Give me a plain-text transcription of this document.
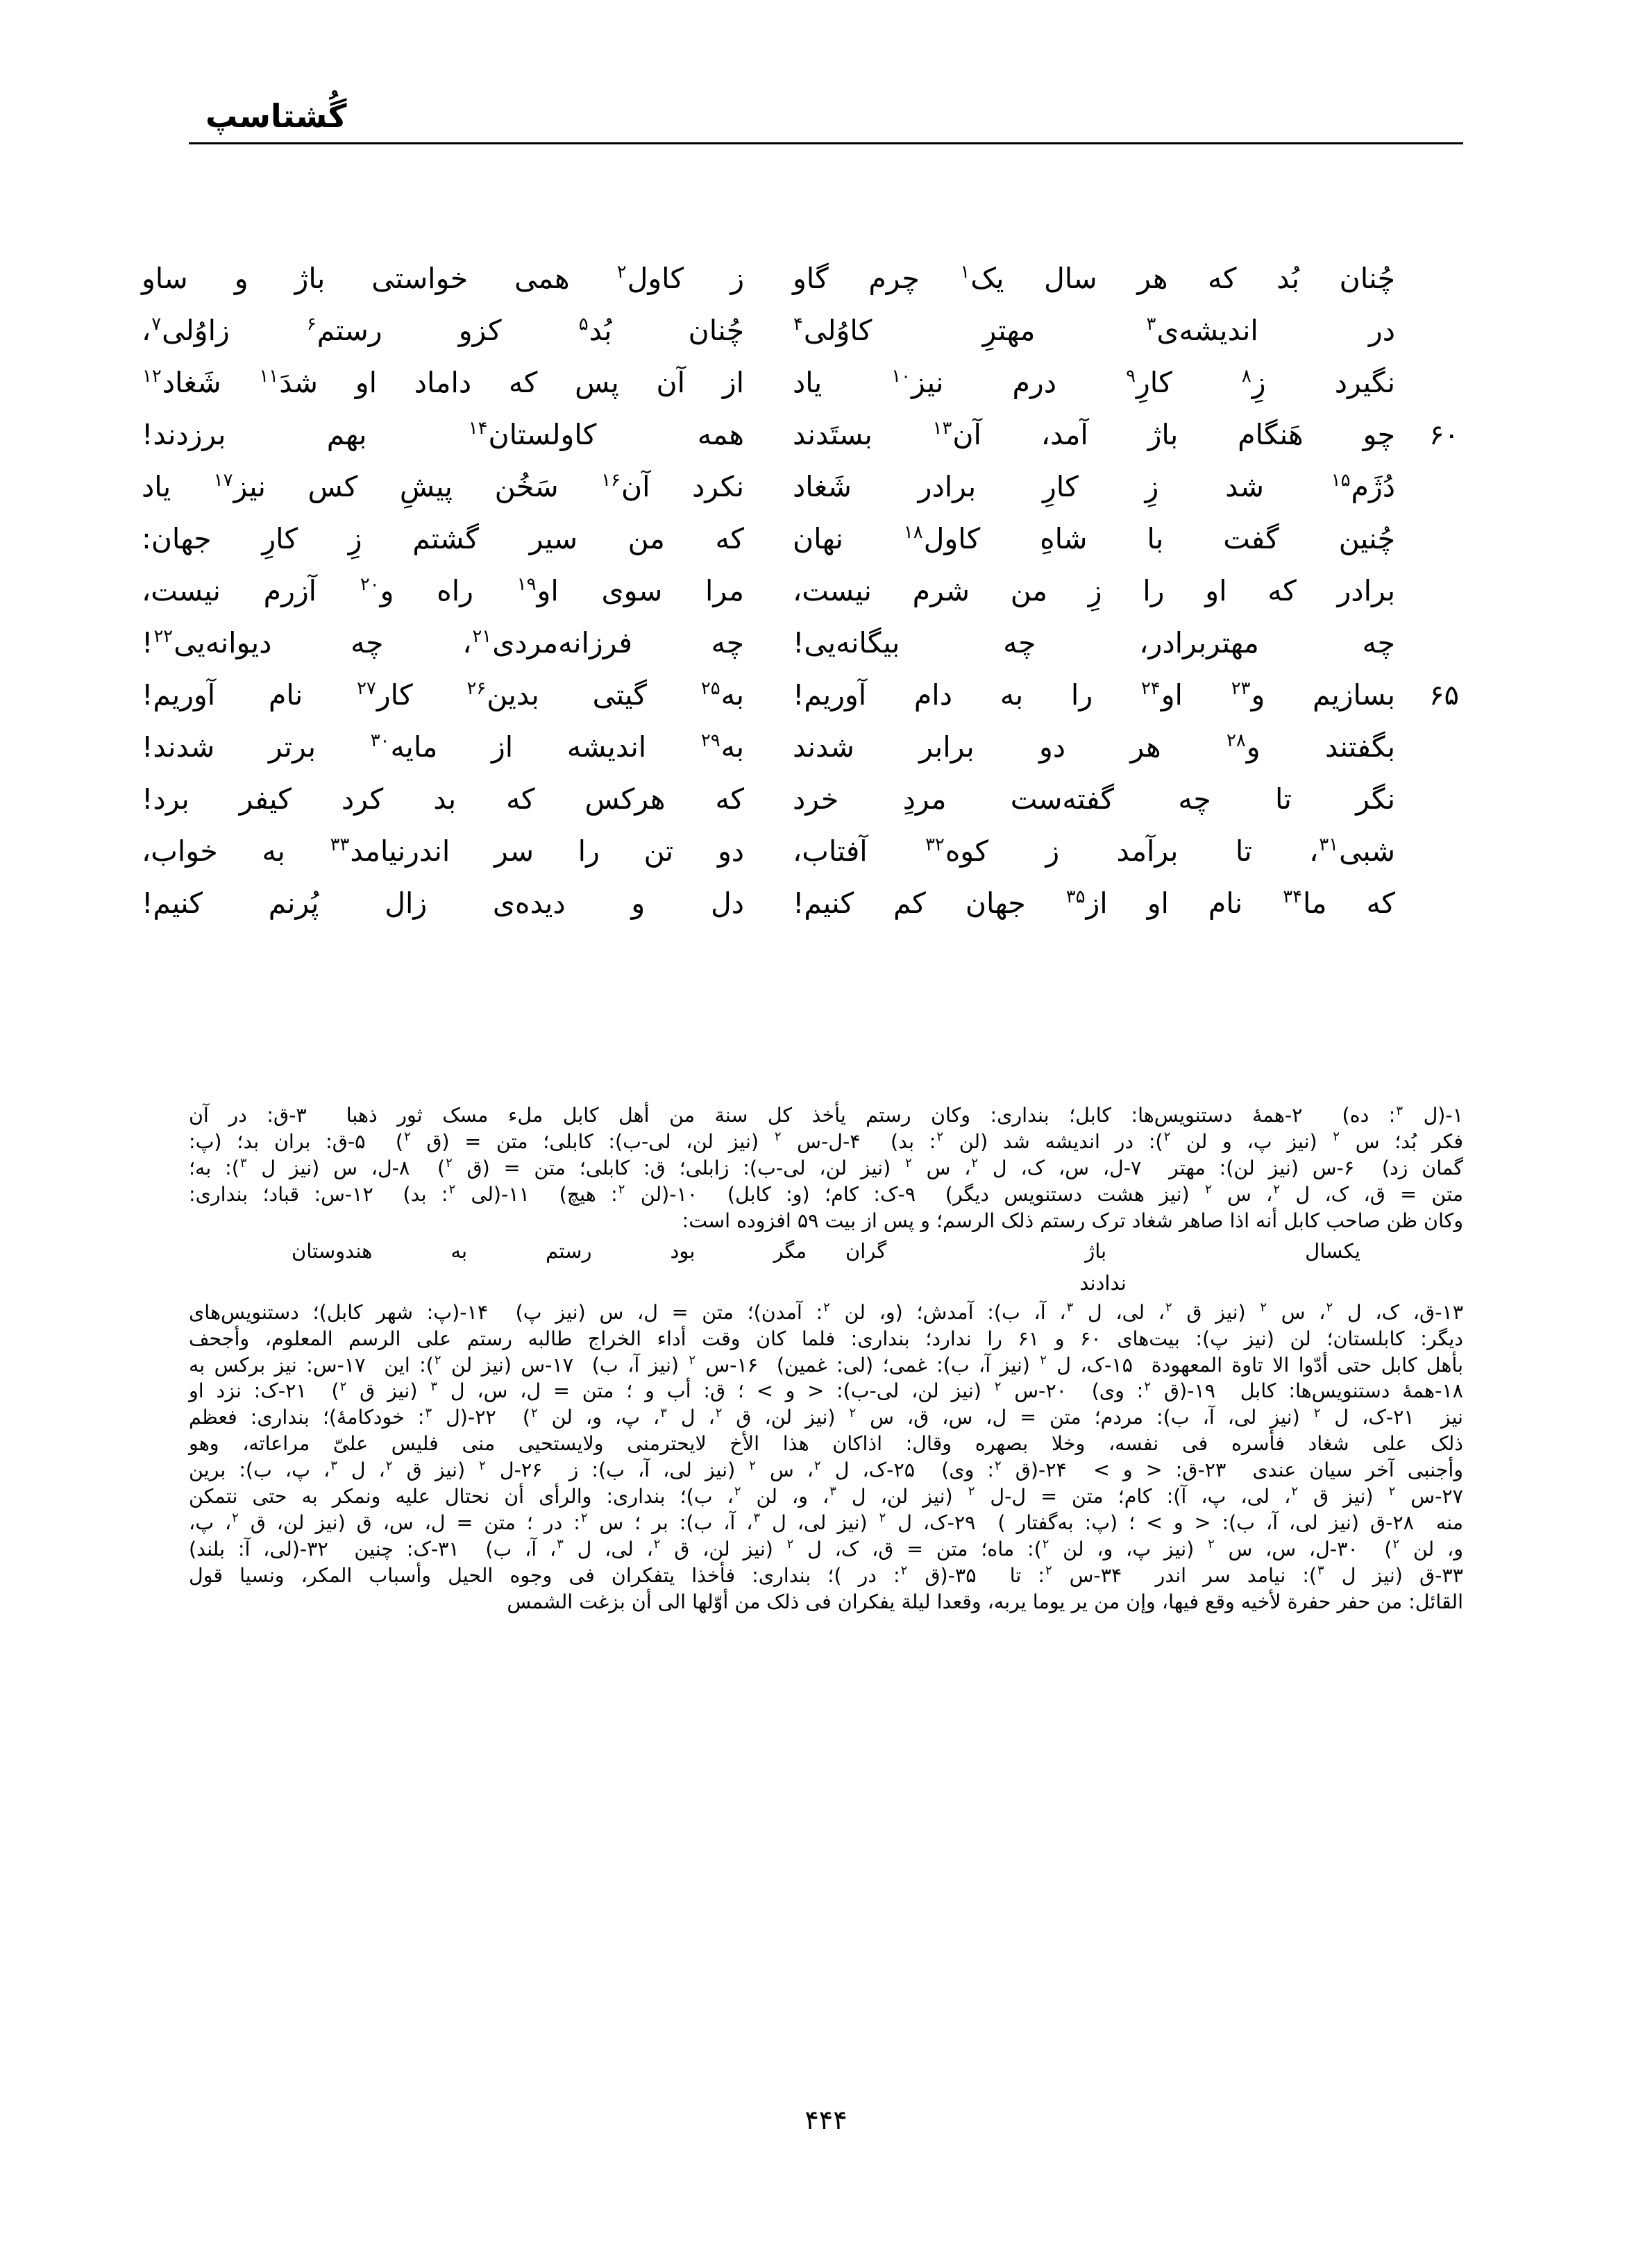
گُشتاسپ
چُنان بُد که هر سال یک$^۱$ چرم گاو
ز کاول$^۲$ همی خواستی باژ و ساو
در اندیشه‌ی$^۳$ مهترِ کاوُلی$^۴$
چُنان بُد$^۵$ کزو رستم$^۶$ زاوُلی$^۷$،
نگیرد زِ$^۸$ کارِ$^۹$ درم نیز$^{۱۰}$ یاد
از آن پس که داماد او شدَ$^{۱۱}$ شَغاد$^{۱۲}$
۶۰
چو هَنگام باژ آمد، آن$^{۱۳}$ بستَدند
همه کاولستان$^{۱۴}$ بهم برزدند!
دُژَم$^{۱۵}$ شد زِ کارِ برادر شَغاد
نکرد آن$^{۱۶}$ سَخُن پیشِ کس نیز$^{۱۷}$ یاد
چُنین گفت با شاهِ کاول$^{۱۸}$ نهان
که من سیر گشتم زِ کارِ جهان:
برادر که او را زِ من شرم نیست،
مرا سوی او$^{۱۹}$ راه و$^{۲۰}$ آزرم نیست،
چه مهتربرادر، چه بیگانه‌یی!
چه فرزانه‌مردی$^{۲۱}$، چه دیوانه‌یی$^{۲۲}$!
۶۵
بسازیم و$^{۲۳}$ او$^{۲۴}$ را به دام آوریم!
به$^{۲۵}$ گیتی بدین$^{۲۶}$ کار$^{۲۷}$ نام آوریم!
بگفتند و$^{۲۸}$ هر دو برابر شدند
به$^{۲۹}$ اندیشه از مایه$^{۳۰}$ برتر شدند!
نگر تا چه گفته‌ست مردِ خرد
که هرکس که بد کرد کیفر برد!
شبی$^{۳۱}$، تا برآمد ز کوه$^{۳۲}$ آفتاب،
دو تن را سر اندرنیامد$^{۳۳}$ به خواب،
که ما$^{۳۴}$ نام او از$^{۳۵}$ جهان کم کنیم!
دل و دیده‌ی زال پُرنم کنیم!
۱-(ل $^۳$: ده)  ۲-همهٔ دستنویس‌ها: کابل؛ بنداری: وکان رستم یأخذ کل سنة من أهل کابل ملء مسک ثور ذهبا  ۳-ق: در آن
فکر بُد؛ س $^۲$ (نیز پ، و لن $^۲$): در اندیشه شد (لن $^۲$: بد)  ۴-ل‌-س $^۲$ (نیز لن، لی‌-ب): کابلی؛ متن = (ق $^۲$)  ۵-ق: بران بد؛ (پ:
گمان زد)  ۶-س (نیز لن): مهتر  ۷-ل، س، ک، ل $^۲$، س $^۲$ (نیز لن، لی‌-ب): زابلی؛ ق: کابلی؛ متن = (ق $^۲$)  ۸-ل، س (نیز ل $^۳$): به؛
متن = ق، ک، ل $^۲$، س $^۲$ (نیز هشت دستنویس دیگر)  ۹-ک: کام؛ (و: کابل)  ۱۰-(لن $^۲$: هیچ)  ۱۱-(لی $^۲$: بد)  ۱۲-س: قباد؛ بنداری:
وکان ظن صاحب کابل أنه اذا صاهر شغاد ترک رستم ذلک الرسم؛ و پس از بیت ۵۹ افزوده است:
یکسال باژ گران
مگر بود رستم به هندوستان
ندادند
۱۳-ق، ک، ل $^۲$، س $^۲$ (نیز ق $^۲$، لی، ل $^۳$، آ، ب): آمدش؛ (و، لن $^۲$: آمدن)؛ متن = ل، س (نیز پ)  ۱۴-(پ: شهر کابل)؛ دستنویس‌های
دیگر: کابلستان؛ لن (نیز پ): بیت‌های ۶۰ و ۶۱ را ندارد؛ بنداری: فلما کان وقت أداء الخراج طالبه رستم علی الرسم المعلوم، وأجحف
بأهل کابل حتی أدّوا الا تاوة المعهودة  ۱۵-ک، ل $^۲$ (نیز آ، ب): غمی؛ (لی: غمین)  ۱۶-س $^۲$ (نیز آ، ب)  ۱۷-س (نیز لن $^۲$): این  ۱۷-س: نیز برکس به
۱۸-همهٔ دستنویس‌ها: کابل  ۱۹-(ق $^۲$: وی)  ۲۰-س $^۲$ (نیز لن، لی‌-ب): < و > ؛ ق: أب ‌و ؛ متن = ل، س، ل $^۳$ (نیز ق $^۲$)  ۲۱-ک: نزد او
نیز  ۲۱-ک، ل $^۲$ (نیز لی، آ، ب): مردم؛ متن = ل، س، ق، س $^۲$ (نیز لن، ق $^۲$، ل $^۳$، پ، و، لن $^۲$)  ۲۲-(ل $^۳$: خودکامهٔ)؛ بنداری: فعظم
ذلک علی شغاد فأسره فی نفسه، وخلا بصهره وقال: اذاکان هذا الأخ لایحترمنی ولایستحیی منی فلیس علیّ مراعاته، وهو
وأجنبی آخر سیان عندی  ۲۳-ق: < و >  ۲۴-(ق $^۲$: وی)  ۲۵-ک، ل $^۲$، س $^۲$ (نیز لی، آ، ب): ز  ۲۶-ل $^۲$ (نیز ق $^۲$، ل $^۳$، پ، ب): برین
۲۷-س $^۲$ (نیز ق $^۲$، لی، پ، آ): کام؛ متن = ل‌-ل $^۲$ (نیز لن، ل $^۳$، و، لن $^۲$، ب)؛ بنداری: والرأی أن نحتال علیه ونمکر به حتی نتمکن
منه  ۲۸-ق (نیز لی، آ، ب): < و > ؛ (پ: به‌گفتار )  ۲۹-ک، ل $^۲$ (نیز لی، ل $^۳$، آ، ب): بر ؛ س $^۲$: در ؛ متن = ل، س، ق (نیز لن، ق $^۲$، پ،
و، لن $^۲$)  ۳۰-ل، س، س $^۲$ (نیز پ، و، لن $^۲$): ماه؛ متن = ق، ک، ل $^۲$ (نیز لن، ق $^۲$، لی، ل $^۳$، آ، ب)  ۳۱-ک: چنین  ۳۲-(لی، آ: بلند)
۳۳-ق (نیز ل $^۳$): نیامد سر اندر  ۳۴-س $^۲$: تا  ۳۵-(ق $^۲$: در )؛ بنداری: فأخذا یتفکران فی وجوه الحیل وأسباب المکر، ونسیا قول
القائل: من حفر حفرة لأخیه وقع فیها، وإن من یر یوما یربه، وقعدا لیلة یفکران فی ذلک من أوّلها الی أن بزغت الشمس
۴۴۴
